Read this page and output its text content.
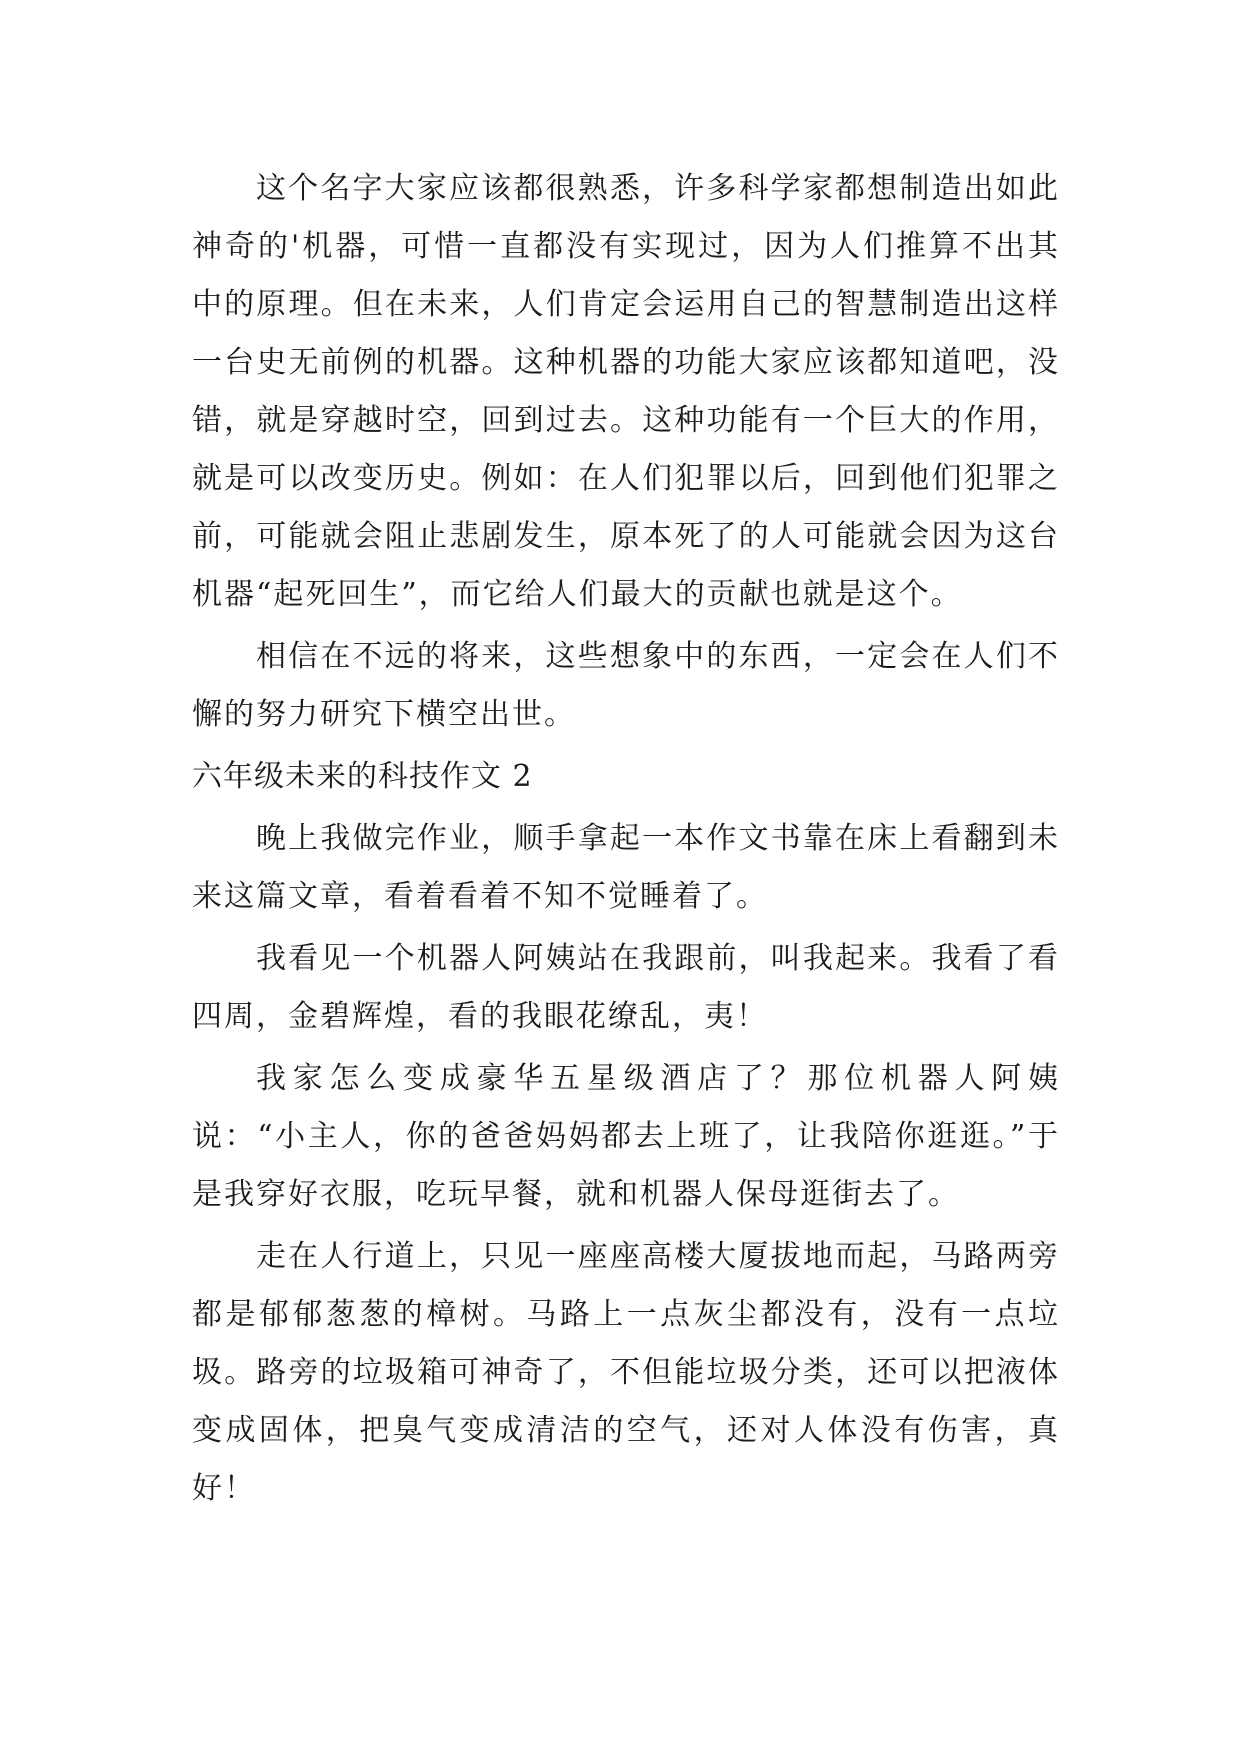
这个名字大家应该都很熟悉，许多科学家都想制造出如此神奇的'机器，可惜一直都没有实现过，因为人们推算不出其中的原理。但在未来，人们肯定会运用自己的智慧制造出这样一台史无前例的机器。这种机器的功能大家应该都知道吧，没错，就是穿越时空，回到过去。这种功能有一个巨大的作用，就是可以改变历史。例如：在人们犯罪以后，回到他们犯罪之前，可能就会阻止悲剧发生，原本死了的人可能就会因为这台机器“起死回生”，而它给人们最大的贡献也就是这个。

相信在不远的将来，这些想象中的东西，一定会在人们不懈的努力研究下横空出世。

六年级未来的科技作文 2

晚上我做完作业，顺手拿起一本作文书靠在床上看翻到未来这篇文章，看着看着不知不觉睡着了。

我看见一个机器人阿姨站在我跟前，叫我起来。我看了看四周，金碧辉煌，看的我眼花缭乱，夷！

我家怎么变成豪华五星级酒店了？那位机器人阿姨说：“小主人，你的爸爸妈妈都去上班了，让我陪你逛逛。”于是我穿好衣服，吃玩早餐，就和机器人保母逛街去了。

走在人行道上，只见一座座高楼大厦拔地而起，马路两旁都是郁郁葱葱的樟树。马路上一点灰尘都没有，没有一点垃圾。路旁的垃圾箱可神奇了，不但能垃圾分类，还可以把液体变成固体，把臭气变成清洁的空气，还对人体没有伤害，真好！
